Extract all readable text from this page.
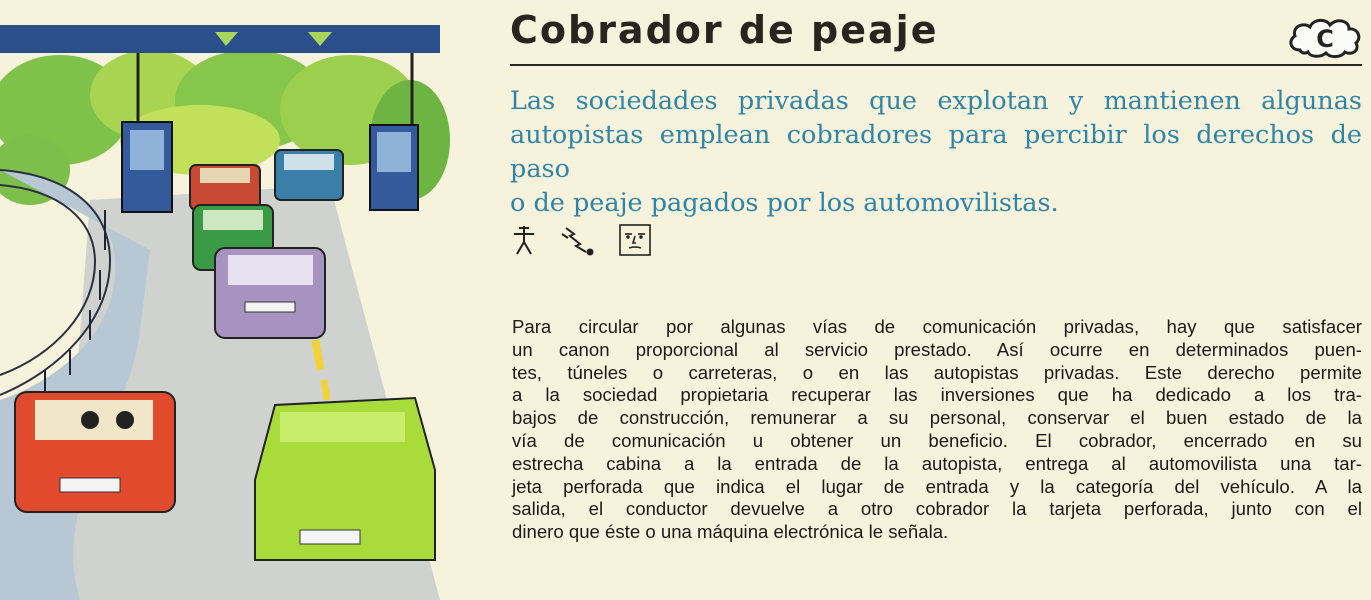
Cobrador de peaje	C

Las sociedades privadas que explotan y mantienen algunas
autopistas emplean cobradores para percibir los derechos de paso
o de peaje pagados por los automovilistas.

Para circular por algunas vías de comunicación privadas, hay que satisfacer
un canon proporcional al servicio prestado. Así ocurre en determinados puen-
tes, túneles o carreteras, o en las autopistas privadas. Este derecho permite
a la sociedad propietaria recuperar las inversiones que ha dedicado a los tra-
bajos de construcción, remunerar a su personal, conservar el buen estado de la
vía de comunicación u obtener un beneficio. El cobrador, encerrado en su
estrecha cabina a la entrada de la autopista, entrega al automovilista una tar-
jeta perforada que indica el lugar de entrada y la categoría del vehículo. A la
salida, el conductor devuelve a otro cobrador la tarjeta perforada, junto con el
dinero que éste o una máquina electrónica le señala.
